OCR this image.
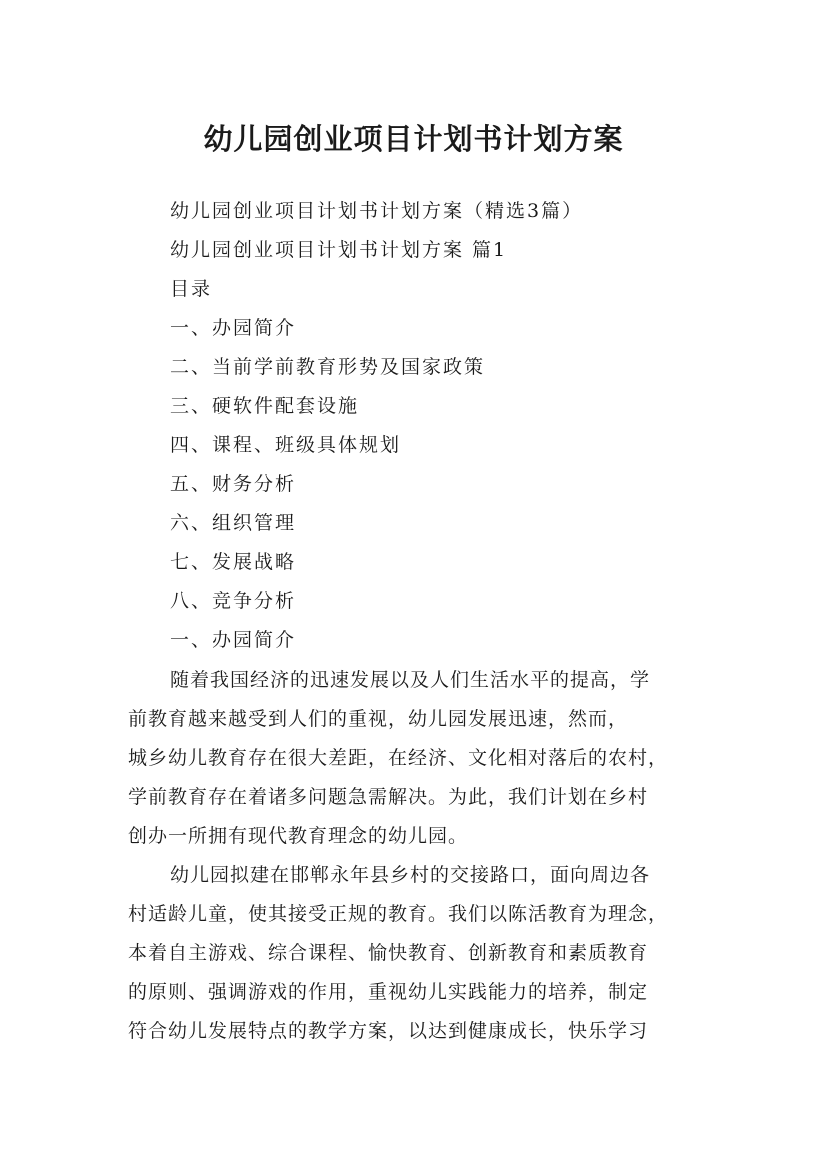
幼儿园创业项目计划书计划方案
幼儿园创业项目计划书计划方案（精选3篇）
幼儿园创业项目计划书计划方案 篇1
目录
一、办园简介
二、当前学前教育形势及国家政策
三、硬软件配套设施
四、课程、班级具体规划
五、财务分析
六、组织管理
七、发展战略
八、竞争分析
一、办园简介
随着我国经济的迅速发展以及人们生活水平的提高，学
前教育越来越受到人们的重视，幼儿园发展迅速，然而，
城乡幼儿教育存在很大差距，在经济、文化相对落后的农村，
学前教育存在着诸多问题急需解决。为此，我们计划在乡村
创办一所拥有现代教育理念的幼儿园。
幼儿园拟建在邯郸永年县乡村的交接路口，面向周边各
村适龄儿童，使其接受正规的教育。我们以陈活教育为理念，
本着自主游戏、综合课程、愉快教育、创新教育和素质教育
的原则、强调游戏的作用，重视幼儿实践能力的培养，制定
符合幼儿发展特点的教学方案，以达到健康成长，快乐学习
